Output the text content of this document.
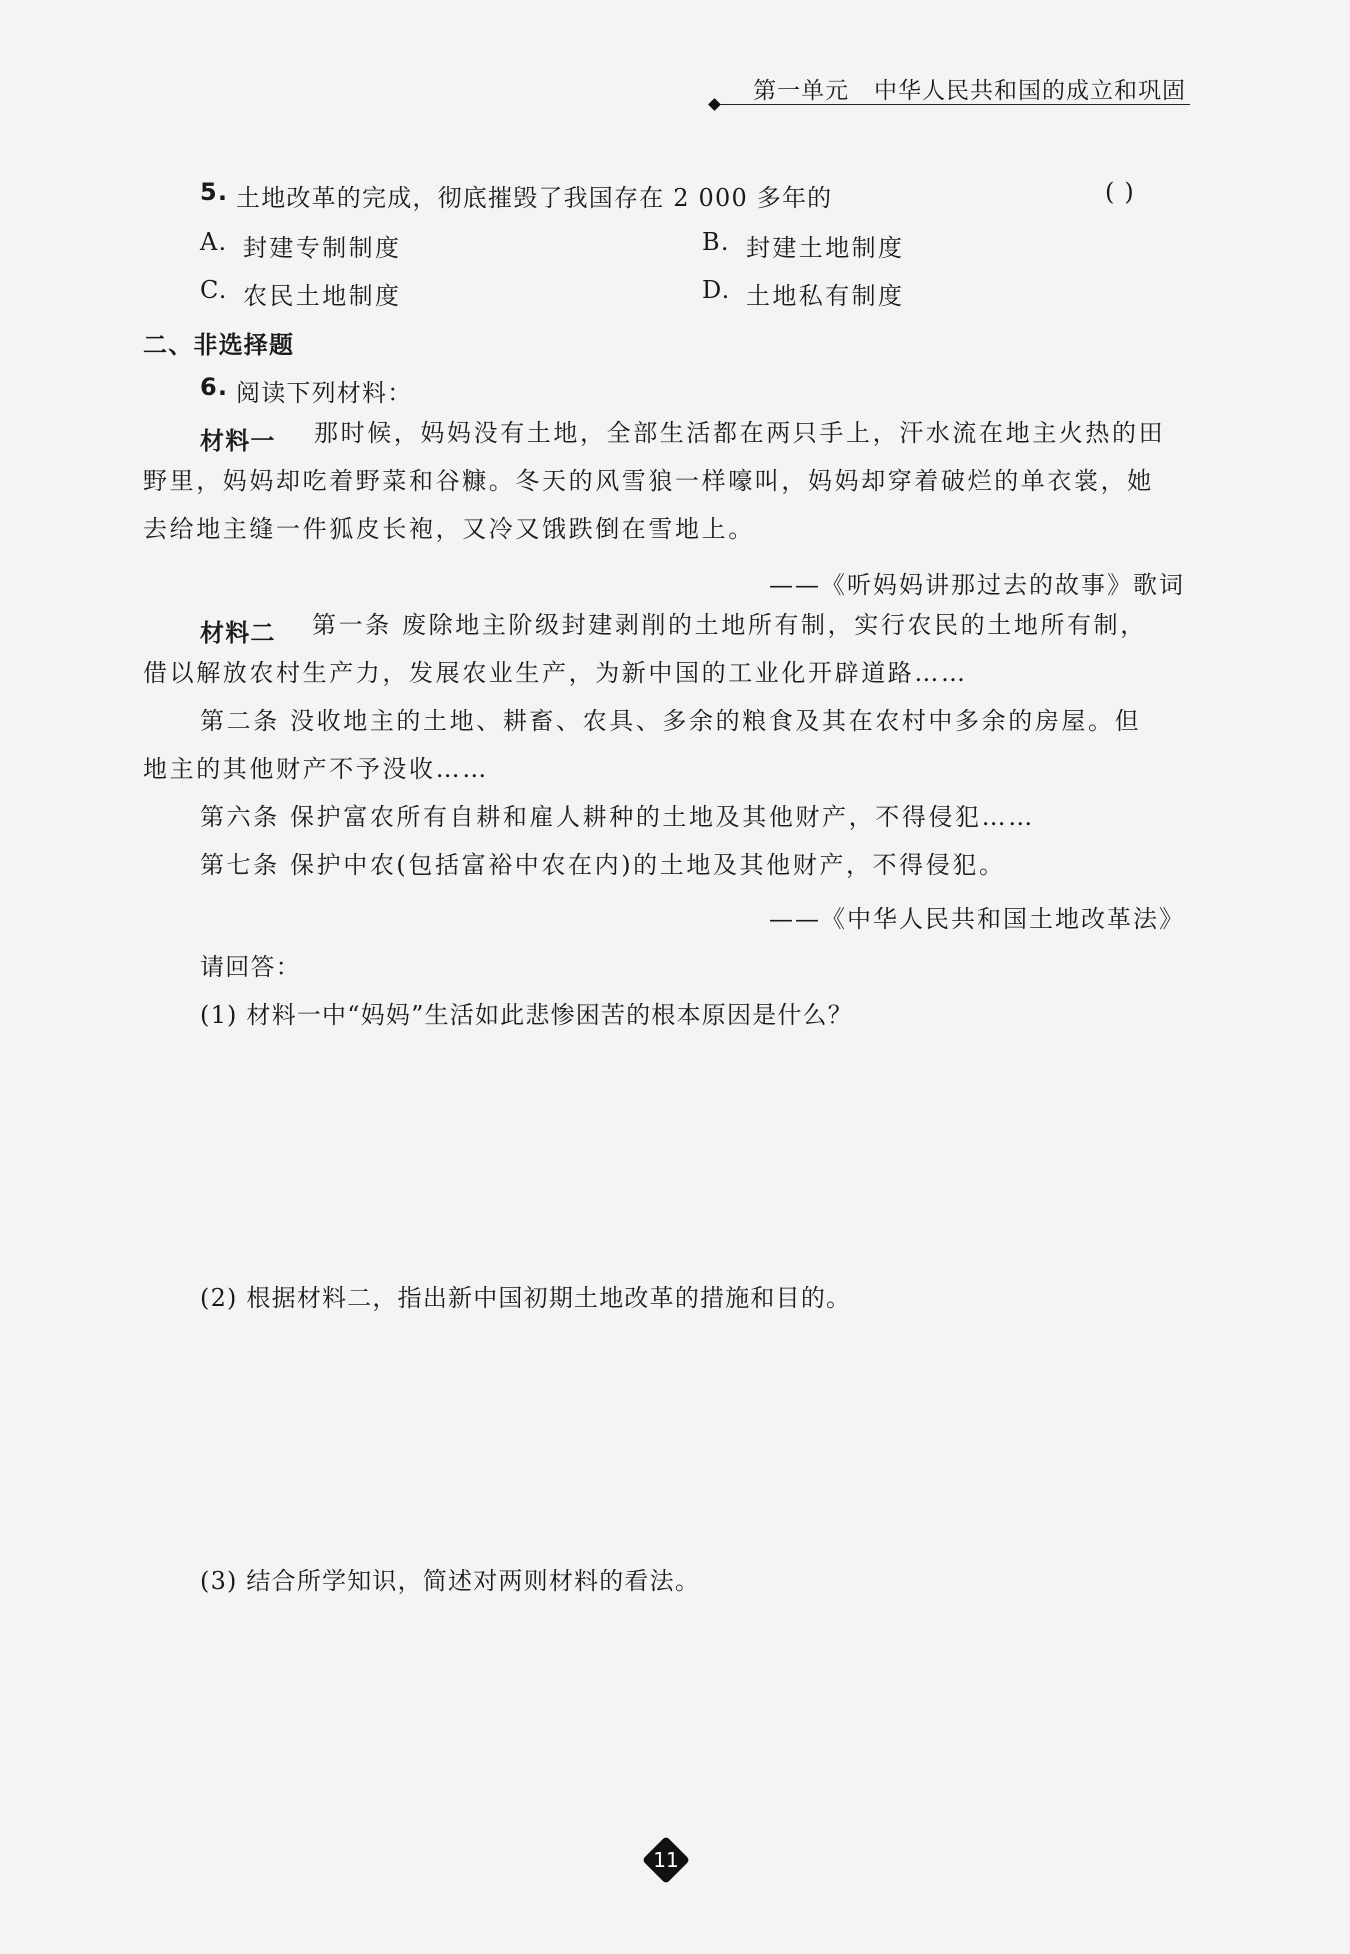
第一单元   中华人民共和国的成立和巩固
5. 土地改革的完成，彻底摧毁了我国存在 2 000 多年的	( )
A. 封建专制制度	B. 封建土地制度
C. 农民土地制度	D. 土地私有制度
二、非选择题
6. 阅读下列材料：
材料一 那时候，妈妈没有土地，全部生活都在两只手上，汗水流在地主火热的田
野里，妈妈却吃着野菜和谷糠。冬天的风雪狼一样嚎叫，妈妈却穿着破烂的单衣裳，她
去给地主缝一件狐皮长袍，又冷又饿跌倒在雪地上。
——《听妈妈讲那过去的故事》歌词
材料二 第一条 废除地主阶级封建剥削的土地所有制，实行农民的土地所有制，
借以解放农村生产力，发展农业生产，为新中国的工业化开辟道路……
第二条 没收地主的土地、耕畜、农具、多余的粮食及其在农村中多余的房屋。但
地主的其他财产不予没收……
第六条 保护富农所有自耕和雇人耕种的土地及其他财产，不得侵犯……
第七条 保护中农(包括富裕中农在内)的土地及其他财产，不得侵犯。
——《中华人民共和国土地改革法》
请回答：
(1) 材料一中“妈妈”生活如此悲惨困苦的根本原因是什么？
(2) 根据材料二，指出新中国初期土地改革的措施和目的。
(3) 结合所学知识，简述对两则材料的看法。
11
